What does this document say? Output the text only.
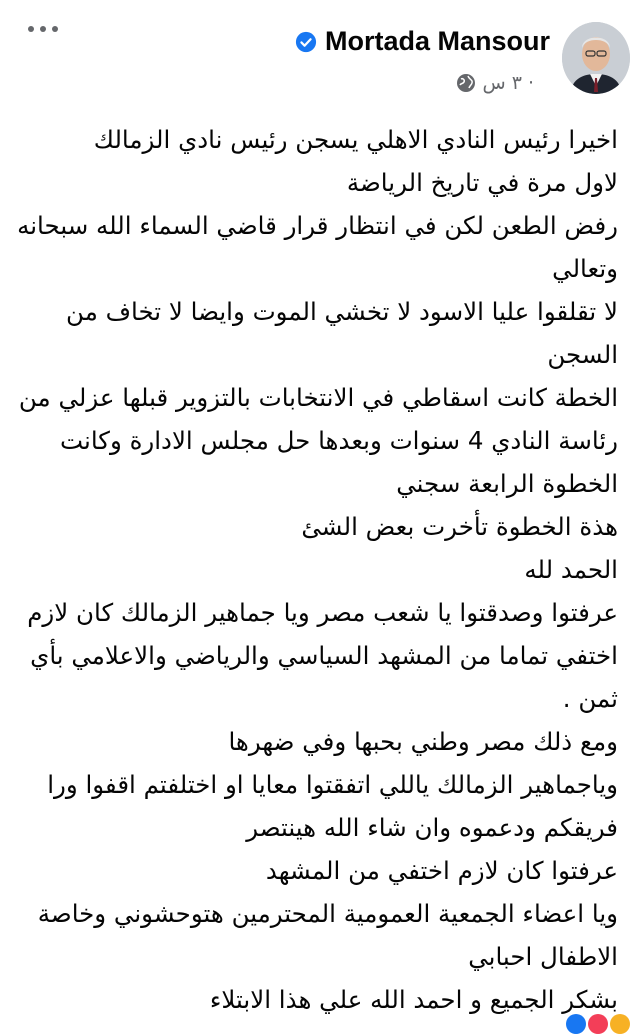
Mortada Mansour
٣ س ·
اخيرا رئيس النادي الاهلي يسجن رئيس نادي الزمالك
لاول مرة في تاريخ الرياضة
رفض الطعن لكن في انتظار قرار قاضي السماء الله سبحانه
وتعالي
لا تقلقوا عليا الاسود لا تخشي الموت وايضا لا تخاف من
السجن
الخطة كانت اسقاطي في الانتخابات بالتزوير قبلها عزلي من
رئاسة النادي 4 سنوات وبعدها حل مجلس الادارة وكانت
الخطوة الرابعة سجني
هذة الخطوة تأخرت بعض الشئ
الحمد لله
عرفتوا وصدقتوا يا شعب مصر ويا جماهير الزمالك كان لازم
اختفي تماما من المشهد السياسي والرياضي والاعلامي بأي
ثمن .
ومع ذلك مصر وطني بحبها وفي ضهرها
وياجماهير الزمالك ياللي اتفقتوا معايا او اختلفتم اقفوا ورا
فريقكم ودعموه وان شاء الله هينتصر
عرفتوا كان لازم اختفي من المشهد
ويا اعضاء الجمعية العمومية المحترمين هتوحشوني وخاصة
الاطفال احبابي
بشكر الجميع و احمد الله علي هذا الابتلاء
